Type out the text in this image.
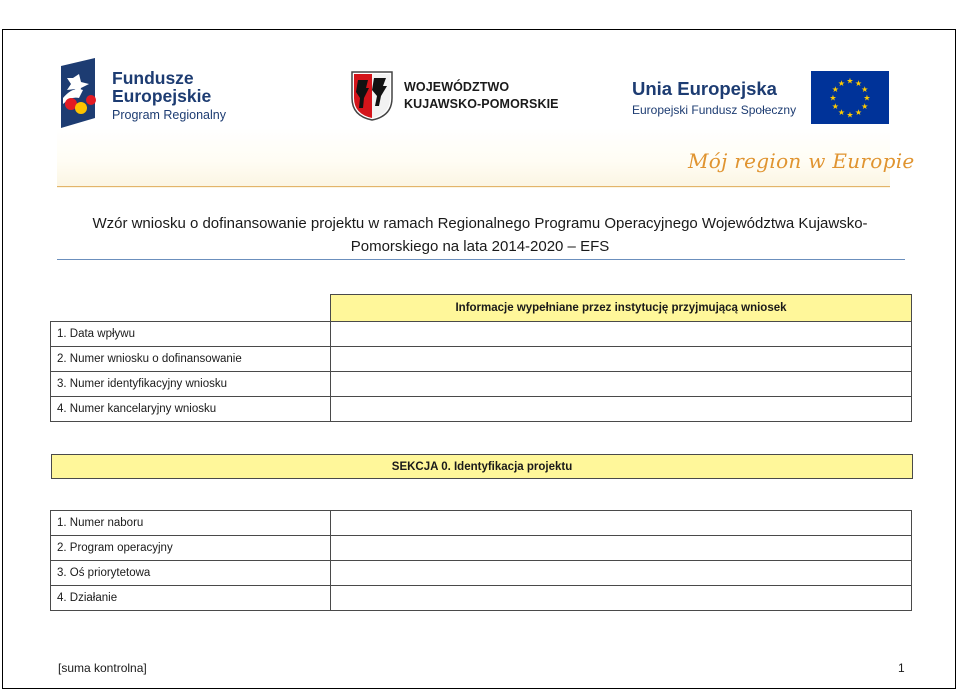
Fundusze
Europejskie
Program Regionalny
WOJEWÓDZTWO
KUJAWSKO-POMORSKIE
Unia Europejska
Europejski Fundusz Społeczny
★ ★
★
★
★
★
★
★
★
★
★
★
Mój region w Europie
Wzór wniosku o dofinansowanie projektu w ramach Regionalnego Programu Operacyjnego Województwa Kujawsko-
Pomorskiego na lata 2014-2020 – EFS
	Informacje wypełniane przez instytucję przyjmującą wniosek
1. Data wpływu	
2. Numer wniosku o dofinansowanie	
3. Numer identyfikacyjny wniosku	
4. Numer kancelaryjny wniosku	
SEKCJA 0. Identyfikacja projektu
1. Numer naboru	
2. Program operacyjny	
3. Oś priorytetowa	
4. Działanie	
[suma kontrolna]	1
